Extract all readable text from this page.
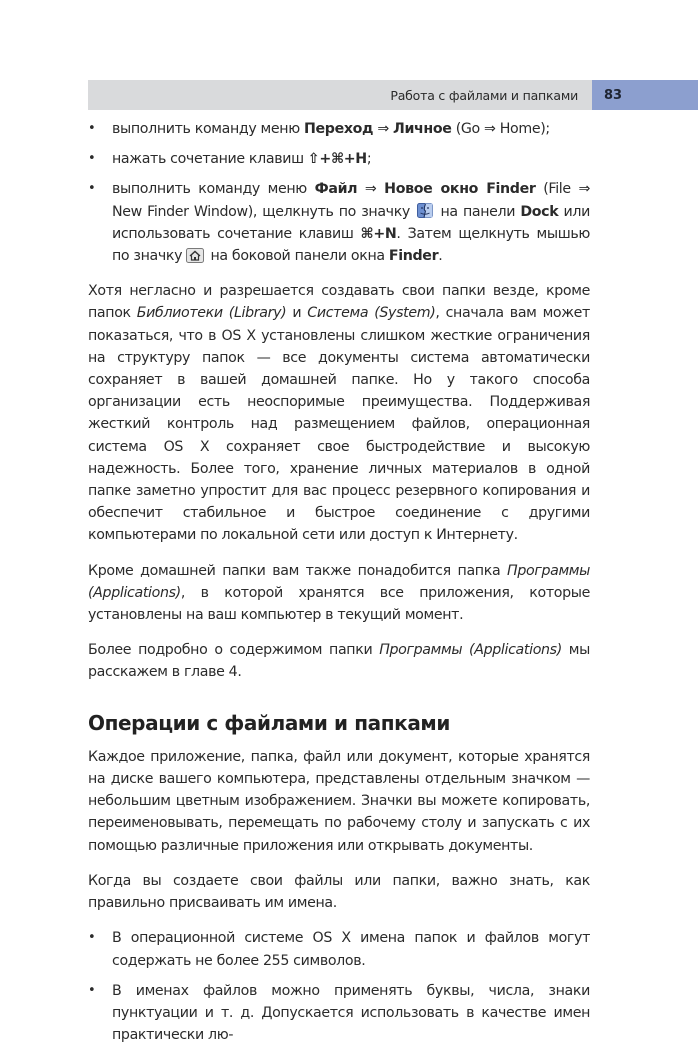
Работа с файлами и папками	83
• выполнить команду меню Переход ⇒ Личное (Go ⇒ Home);
• нажать сочетание клавиш ⇧+⌘+H;
• выполнить команду меню Файл ⇒ Новое окно Finder (File ⇒ New Finder Window), щелкнуть по значку  на панели Dock или использовать сочетание клавиш ⌘+N. Затем щелкнуть мышью по значку  на боковой панели окна Finder.

Хотя негласно и разрешается создавать свои папки везде, кроме папок Библиотеки (Library) и Система (System), сначала вам может показаться, что в OS X установлены слишком жесткие ограничения на структуру папок — все документы система автоматически сохраняет в вашей домашней папке. Но у такого способа организации есть неоспоримые преимущества. Поддерживая жесткий контроль над размещением файлов, операционная система OS X сохраняет свое быстродействие и высокую надежность. Более того, хранение личных материалов в одной папке заметно упростит для вас процесс резервного копирования и обеспечит стабильное и быстрое соединение с другими компьютерами по локальной сети или доступ к Интернету.

Кроме домашней папки вам также понадобится папка Программы (Applications), в которой хранятся все приложения, которые установлены на ваш компьютер в текущий момент.

Более подробно о содержимом папки Программы (Applications) мы расскажем в главе 4.

Операции с файлами и папками

Каждое приложение, папка, файл или документ, которые хранятся на диске вашего компьютера, представлены отдельным значком — небольшим цветным изображением. Значки вы можете копировать, переименовывать, перемещать по рабочему столу и запускать с их помощью различные приложения или открывать документы.

Когда вы создаете свои файлы или папки, важно знать, как правильно присваивать им имена.

• В операционной системе OS X имена папок и файлов могут содержать не более 255 символов.
• В именах файлов можно применять буквы, числа, знаки пунктуации и т. д. Допускается использовать в качестве имен практически лю-
